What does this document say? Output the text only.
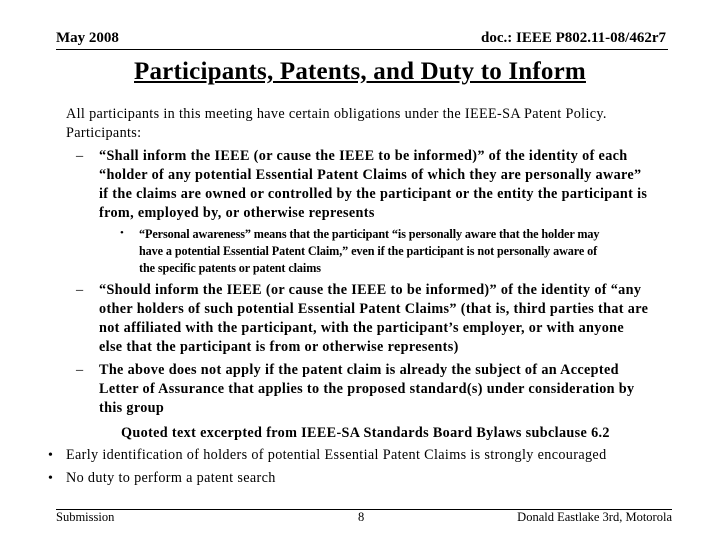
May 2008	doc.: IEEE P802.11-08/462r7
Participants, Patents, and Duty to Inform
All participants in this meeting have certain obligations under the IEEE-SA Patent Policy.
Participants:
– “Shall inform the IEEE (or cause the IEEE to be informed)” of the identity of each
“holder of any potential Essential Patent Claims of which they are personally aware”
if the claims are owned or controlled by the participant or the entity the participant is
from, employed by, or otherwise represents
• “Personal awareness” means that the participant “is personally aware that the holder may
have a potential Essential Patent Claim,” even if the participant is not personally aware of
the specific patents or patent claims
– “Should inform the IEEE (or cause the IEEE to be informed)” of the identity of “any
other holders of such potential Essential Patent Claims” (that is, third parties that are
not affiliated with the participant, with the participant’s employer, or with anyone
else that the participant is from or otherwise represents)
– The above does not apply if the patent claim is already the subject of an Accepted
Letter of Assurance that applies to the proposed standard(s) under consideration by
this group
Quoted text excerpted from IEEE-SA Standards Board Bylaws subclause 6.2
• Early identification of holders of potential Essential Patent Claims is strongly encouraged
• No duty to perform a patent search
Submission	8	Donald Eastlake 3rd, Motorola
